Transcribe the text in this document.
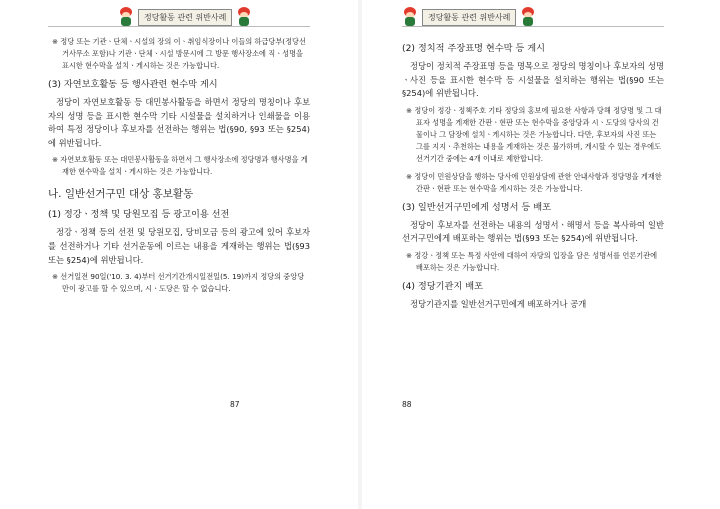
정당활동 관련 위반사례

※ 정당 또는 기관ㆍ단체ㆍ시설의 장의 이ㆍ취임식장이나 이들의 하급당부(정당선거사무소 포함)나 기관ㆍ단체ㆍ시설 방문시에 그 방문 행사장소에 직ㆍ성명을 표시한 현수막을 설치ㆍ게시하는 것은 가능합니다.

(3) 자연보호활동 등 행사관련 현수막 게시

정당이 자연보호활동 등 대민봉사활동을 하면서 정당의 명칭이나 후보자의 성명 등을 표시한 현수막 기타 시설물을 설치하거나 인쇄물을 이용하여 특정 정당이나 후보자를 선전하는 행위는 법(§90, §93 또는 §254)에 위반됩니다.

※ 자연보호활동 또는 대민봉사활동을 하면서 그 행사장소에 정당명과 행사명을 게재한 현수막을 설치ㆍ게시하는 것은 가능합니다.

나. 일반선거구민 대상 홍보활동
(1) 정강ㆍ정책 및 당원모집 등 광고이용 선전

정강ㆍ정책 등의 선전 및 당원모집, 당비모금 등의 광고에 있어 후보자를 선전하거나 기타 선거운동에 이르는 내용을 게재하는 행위는 법(§93 또는 §254)에 위반됩니다.

※ 선거일전 90일('10. 3. 4)부터 선거기간개시일전일(5. 19)까지 정당의 중앙당만이 광고를 할 수 있으며, 시ㆍ도당은 할 수 없습니다.

87
정당활동 관련 위반사례
(2) 정치적 주장표명 현수막 등 게시

정당이 정치적 주장표명 등을 명목으로 정당의 명칭이나 후보자의 성명ㆍ사진 등을 표시한 현수막 등 시설물을 설치하는 행위는 법(§90 또는 §254)에 위반됩니다.

※ 정당이 정강ㆍ정책주호 기타 정당의 홍보에 필요한 사항과 당해 정당명 및 그 대표자 성명을 게재한 간판ㆍ현판 또는 현수막을 중앙당과 시ㆍ도당의 당사의 건물이나 그 담장에 설치ㆍ게시하는 것은 가능합니다. 다만, 후보자의 사진 또는 그를 지지ㆍ추천하는 내용을 게재하는 것은 불가하며, 게시할 수 있는 경우에도 선거기간 중에는 4개 이내로 제한합니다.

※ 정당이 민원상담을 행하는 당사에 민원상담에 관한 안내사항과 정당명을 게재한 간판ㆍ현판 또는 현수막을 게시하는 것은 가능합니다.

(3) 일반선거구민에게 성명서 등 배포

정당이 후보자를 선전하는 내용의 성명서ㆍ해명서 등을 복사하여 일반선거구민에게 배포하는 행위는 법(§93 또는 §254)에 위반됩니다.

※ 정강ㆍ정책 또는 특정 사안에 대하여 자당의 입장을 담은 성명서를 언론기관에 배포하는 것은 가능합니다.

(4) 정당기관지 배포

정당기관지를 일반선거구민에게 배포하거나 공개

88
